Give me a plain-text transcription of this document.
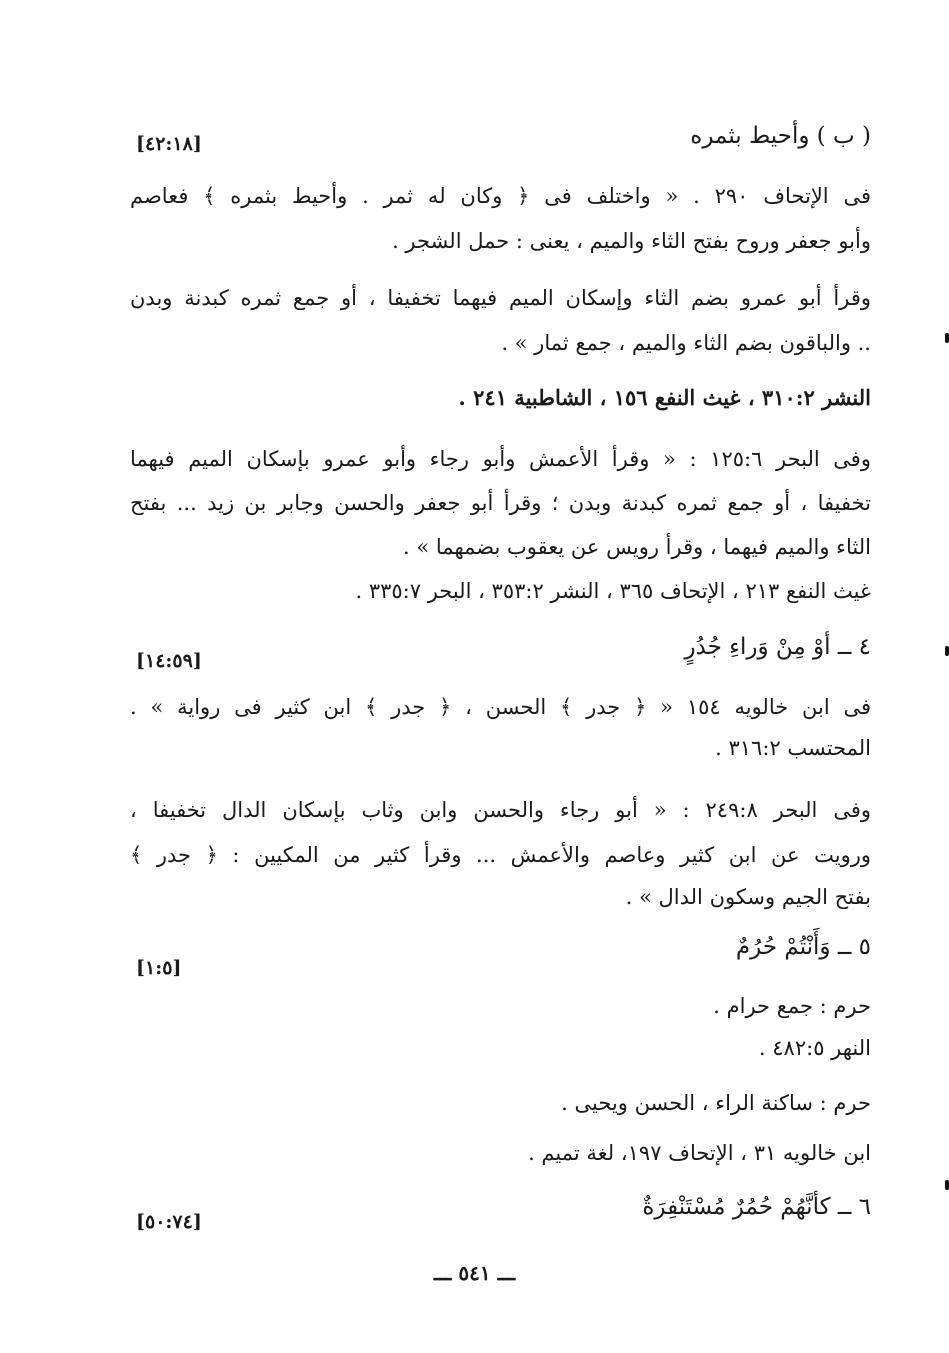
( ب ) وأحيط بثمره
[٤٢:١٨]
فى الإتحاف ٢٩٠ . « واختلف فى ﴿ وكان له ثمر . وأحيط بثمره ﴾ فعاصم
وأبو جعفر وروح بفتح الثاء والميم ، يعنى : حمل الشجر .
وقرأ أبو عمرو بضم الثاء وإسكان الميم فيهما تخفيفا ، أو جمع ثمره كبدنة وبدن
.. والباقون بضم الثاء والميم ، جمع ثمار » .
النشر ٣١٠:٢ ، غيث النفع ١٥٦ ، الشاطبية ٢٤١ .
وفى البحر ١٢٥:٦ : « وقرأ الأعمش وأبو رجاء وأبو عمرو بإسكان الميم فيهما
تخفيفا ، أو جمع ثمره كبدنة وبدن ؛ وقرأ أبو جعفر والحسن وجابر بن زيد ... بفتح
الثاء والميم فيهما ، وقرأ رويس عن يعقوب بضمهما » .
غيث النفع ٢١٣ ، الإتحاف ٣٦٥ ، النشر ٣٥٣:٢ ، البحر ٣٣٥:٧ .
٤ ــ أوْ مِنْ وَراءِ جُدُرٍ
[١٤:٥٩]
فى ابن خالويه ١٥٤ « ﴿ جدر ﴾ الحسن ، ﴿ جدر ﴾ ابن كثير فى رواية » .
المحتسب ٣١٦:٢ .
وفى البحر ٢٤٩:٨ : « أبو رجاء والحسن وابن وثاب بإسكان الدال تخفيفا ،
ورويت عن ابن كثير وعاصم والأعمش ... وقرأ كثير من المكيين : ﴿ جدر ﴾
بفتح الجيم وسكون الدال » .
٥ ــ وَأَنْتُمْ حُرُمٌ
[١:٥]
حرم : جمع حرام .
النهر ٤٨٢:٥ .
حرم : ساكنة الراء ، الحسن ويحيى .
ابن خالويه ٣١ ، الإتحاف ١٩٧، لغة تميم .
٦ ــ كأنَّهُمْ حُمُرٌ مُسْتَنْفِرَةٌ
[٥٠:٧٤]
ـــ ٥٤١ ـــ
